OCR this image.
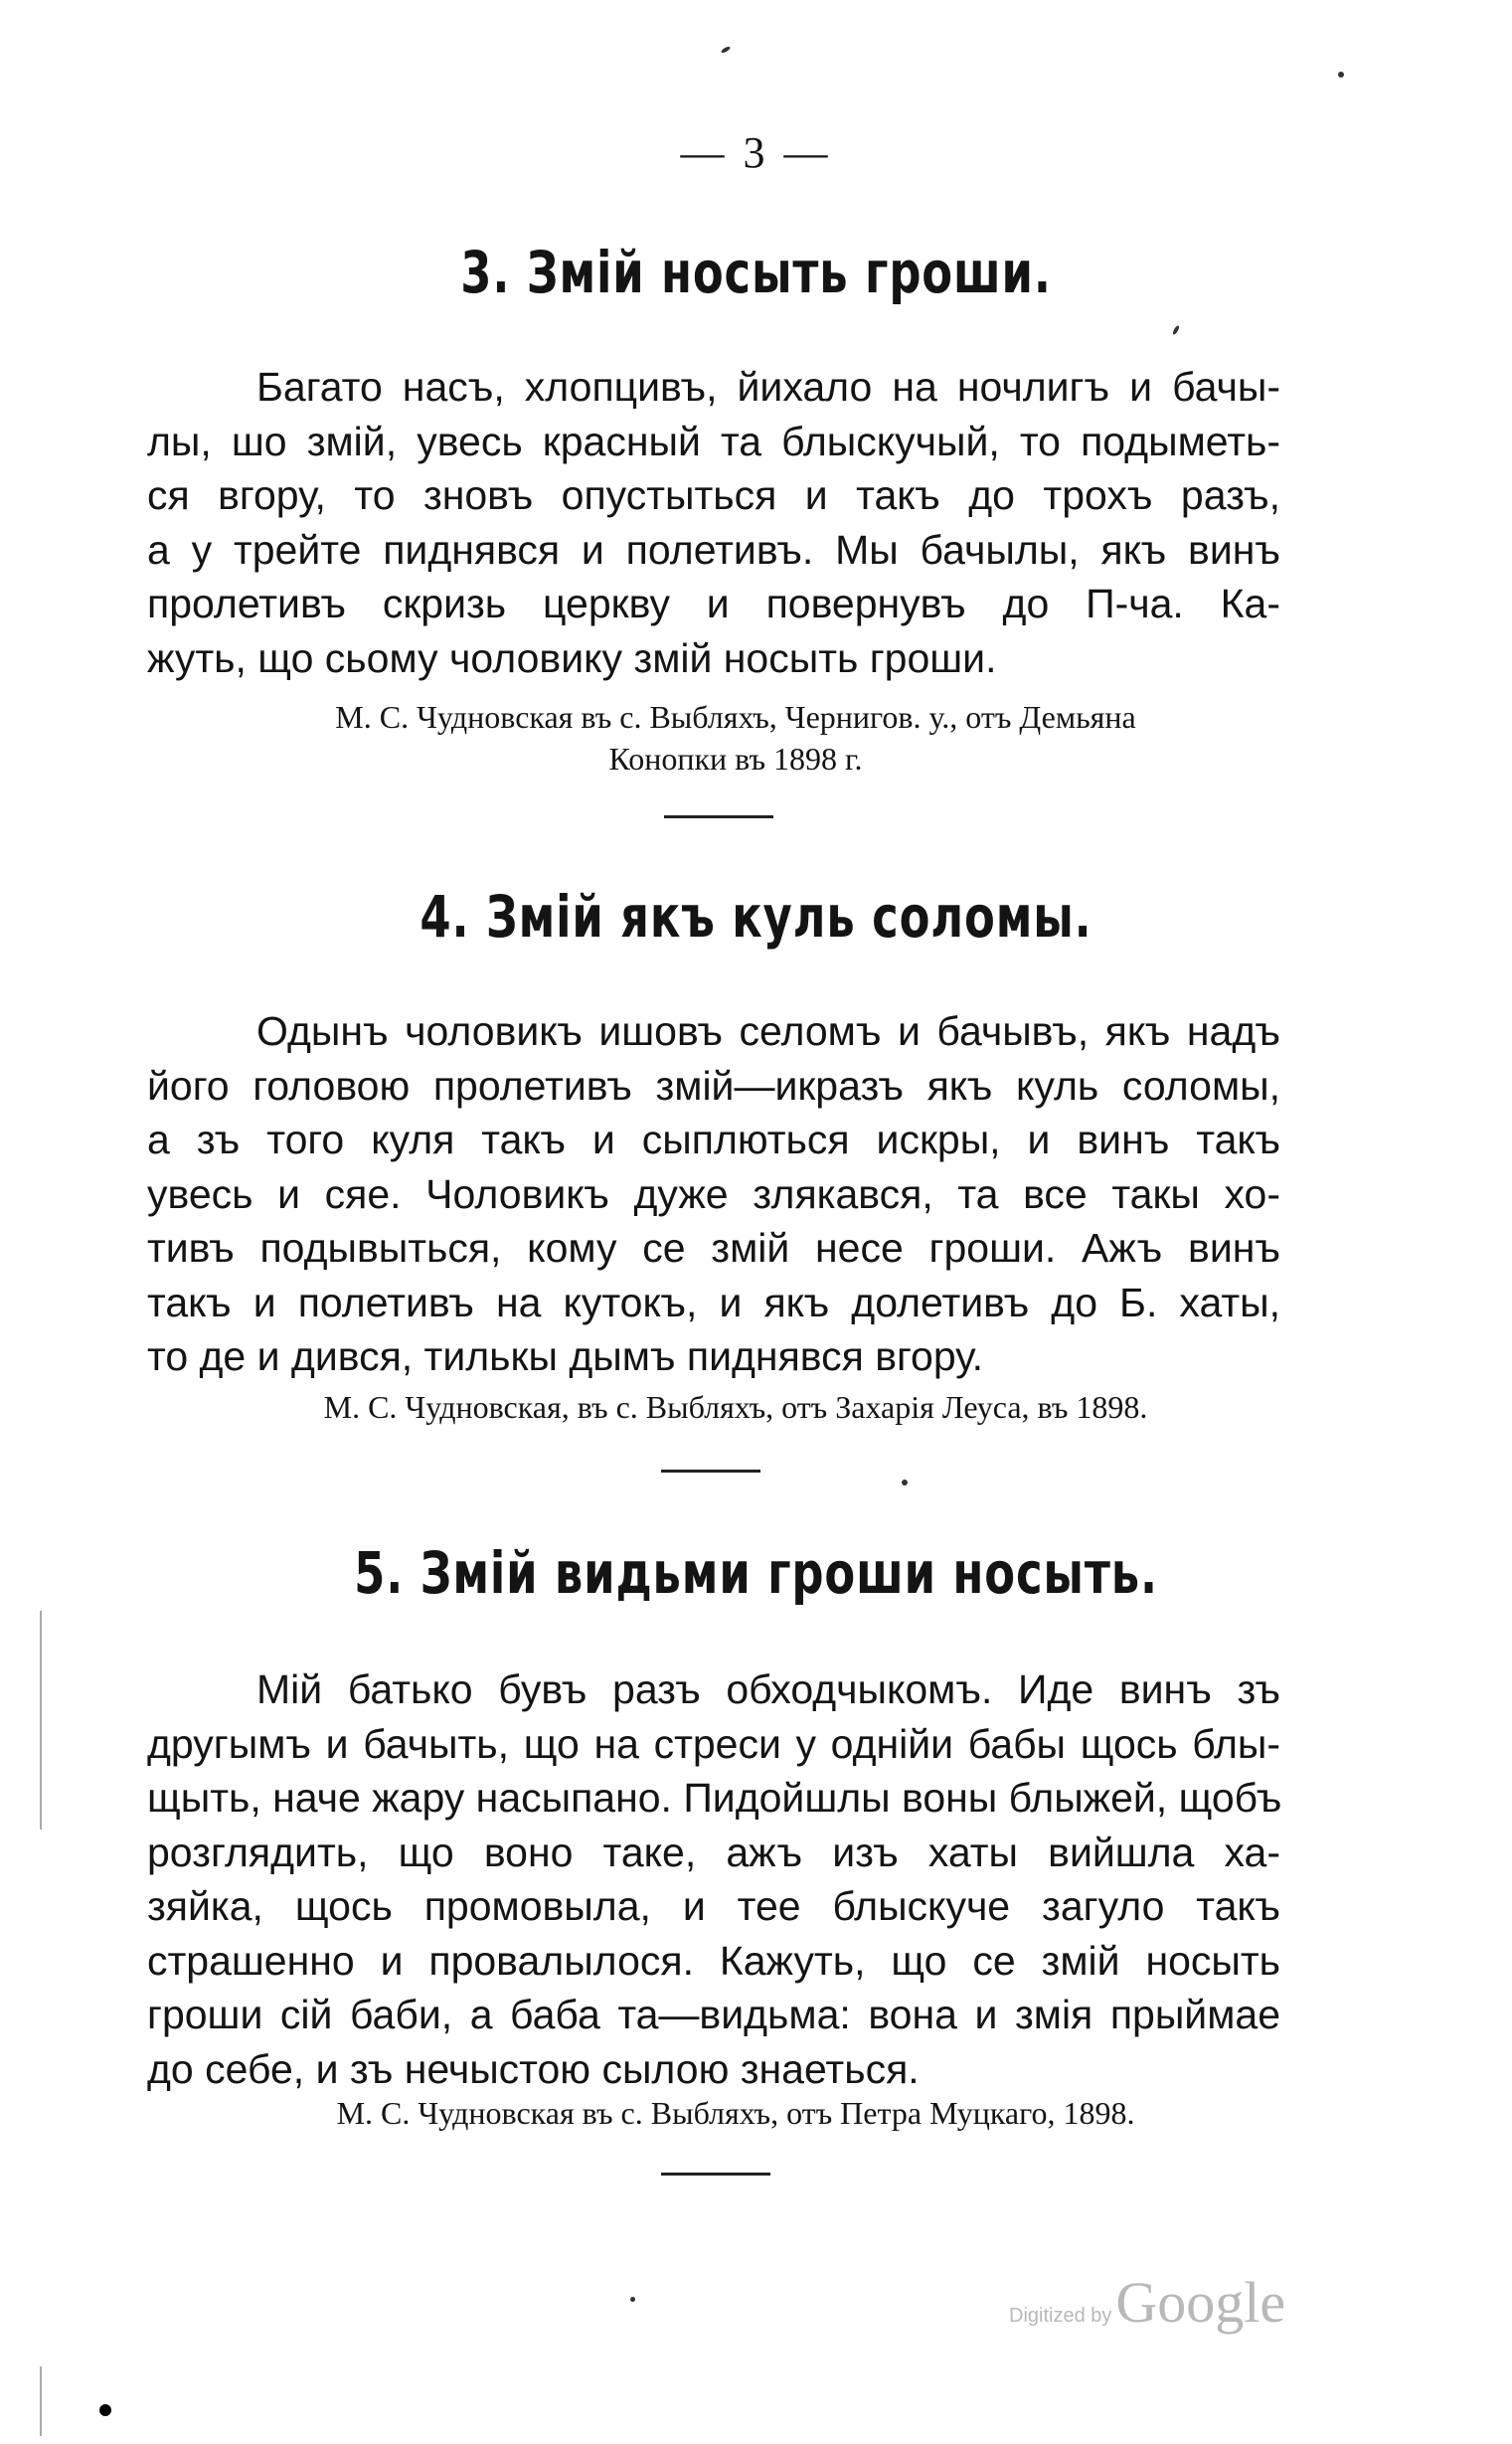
— 3 —
3. Змій носыть гроши.
Багато насъ, хлопцивъ, йихало на ночлигъ и бачы-
лы, шо змій, увесь красный та блыскучый, то подыметь-
ся вгору, то зновъ опустыться и такъ до трохъ разъ,
а у трейте пиднявся и полетивъ. Мы бачылы, якъ винъ
пролетивъ скризь церкву и повернувъ до П-ча. Ка-
жуть, що сьому чоловику змій носыть гроши.
М. С. Чудновская въ с. Выбляхъ, Чернигов. у., отъ Демьяна
Конопки въ 1898 г.
4. Змій якъ куль соломы.
Одынъ чоловикъ ишовъ селомъ и бачывъ, якъ надъ
його головою пролетивъ змій—икразъ якъ куль соломы,
а зъ того куля такъ и сыплються искры, и винъ такъ
увесь и сяе. Чоловикъ дуже злякався, та все такы хо-
тивъ подывыться, кому се змій несе гроши. Ажъ винъ
такъ и полетивъ на кутокъ, и якъ долетивъ до Б. хаты,
то де и дився, тилькы дымъ пиднявся вгору.
М. С. Чудновская, въ с. Выбляхъ, отъ Захарія Леуса, въ 1898.
5. Змій видьми гроши носыть.
Мій батько бувъ разъ обходчыкомъ. Иде винъ зъ
другымъ и бачыть, що на стреси у однійи бабы щось блы-
щыть, наче жару насыпано. Пидойшлы воны блыжей, щобъ
розглядить, що воно таке, ажъ изъ хаты вийшла ха-
зяйка, щось промовыла, и тее блыскуче загуло такъ
страшенно и провалылося. Кажуть, що се змій носыть
гроши сій баби, а баба та—видьма: вона и змія прыймае
до себе, и зъ нечыстою сылою знаеться.
М. С. Чудновская въ с. Выбляхъ, отъ Петра Муцкаго, 1898.
Digitized by Google
